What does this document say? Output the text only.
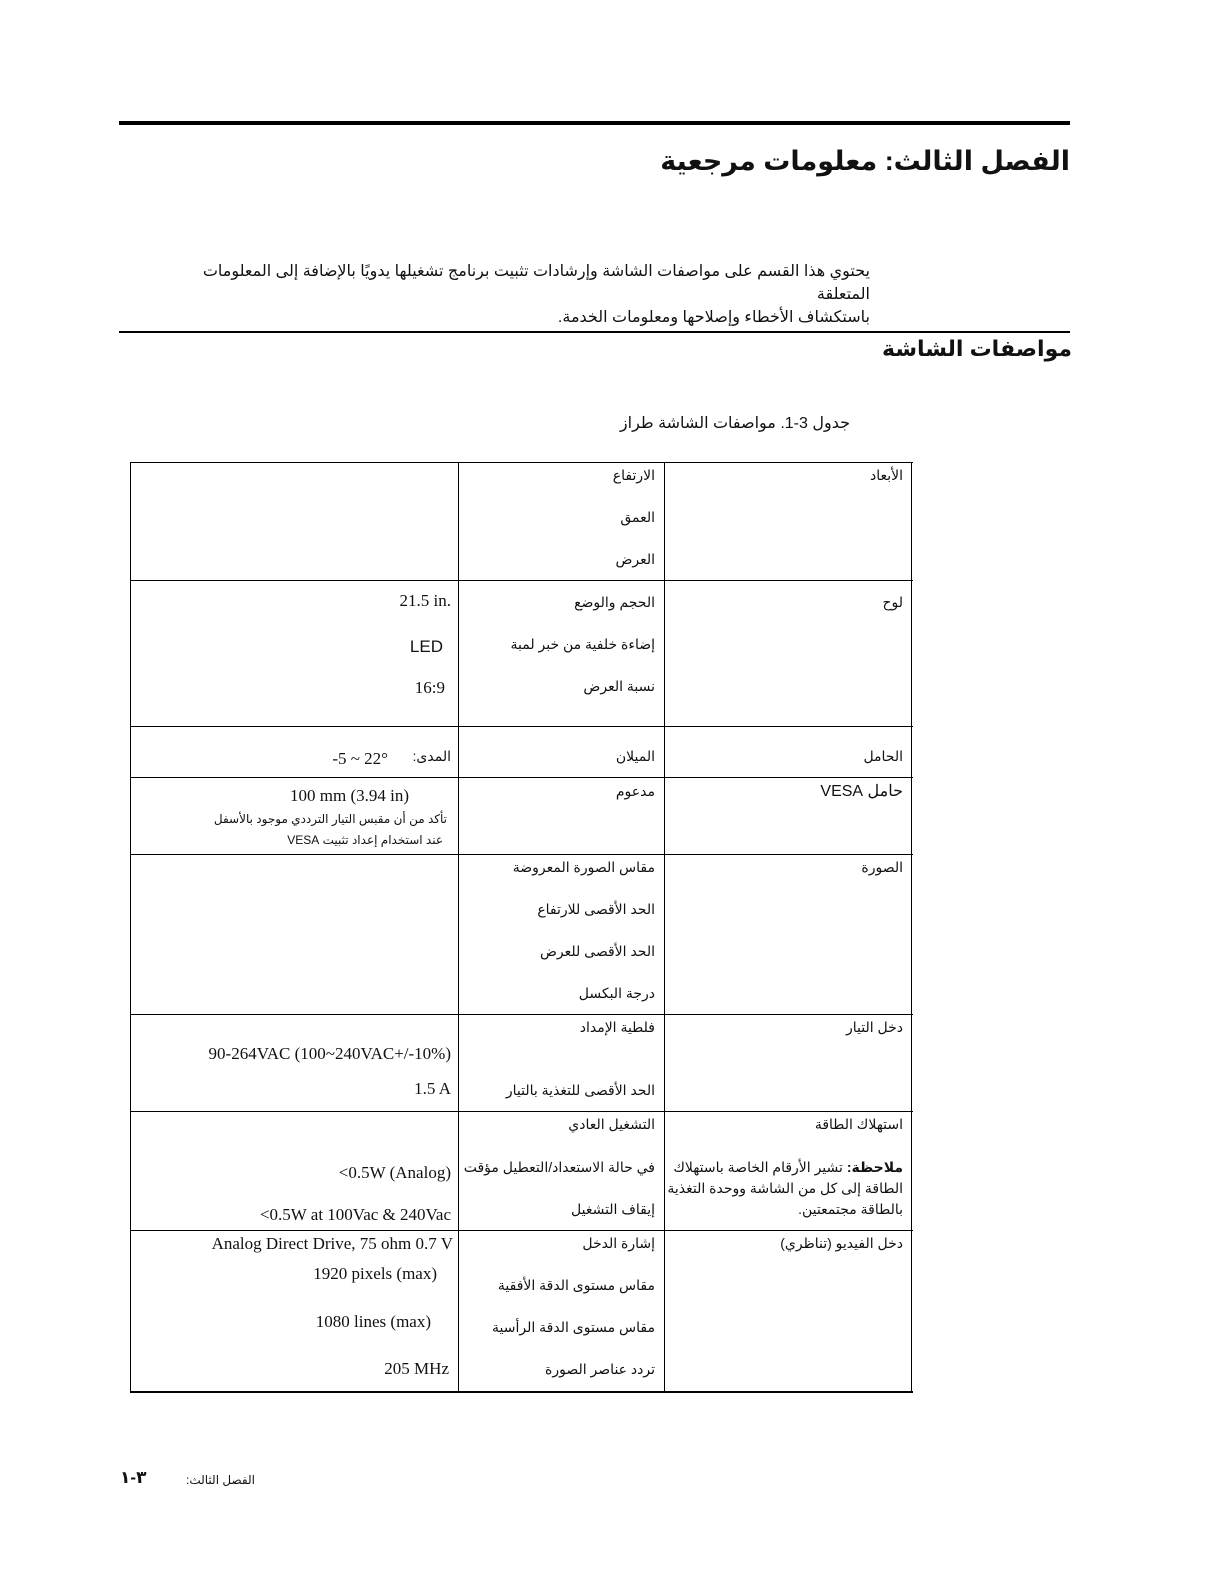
الفصل الثالث: معلومات مرجعية
يحتوي هذا القسم على مواصفات الشاشة وإرشادات تثبيت برنامج تشغيلها يدويًا بالإضافة إلى المعلومات المتعلقة
باستكشاف الأخطاء وإصلاحها ومعلومات الخدمة.
مواصفات الشاشة
جدول 3-1. مواصفات الشاشة طراز
الأبعاد
الارتفاع
العمق
العرض
لوح
الحجم والوضع
إضاءة خلفية من خبر لمبة
نسبة العرض
21.5 in.
LED
16:9
الحامل
الميلان
المدى:
-5 ~ 22°
حامل VESA
مدعوم
100 mm (3.94 in)
تأكد من أن مقبس التيار الترددي موجود بالأسفل
عند استخدام إعداد تثبيت VESA
الصورة
مقاس الصورة المعروضة
الحد الأقصى للارتفاع
الحد الأقصى للعرض
درجة البكسل
دخل التيار
فلطية الإمداد
الحد الأقصى للتغذية بالتيار
90-264VAC (100~240VAC+/-10%)
1.5 A
استهلاك الطاقة
التشغيل العادي
في حالة الاستعداد/التعطيل مؤقت
إيقاف التشغيل
ملاحظة: تشير الأرقام الخاصة باستهلاك
الطاقة إلى كل من الشاشة ووحدة التغذية
بالطاقة مجتمعتين.
<0.5W (Analog)
<0.5W at 100Vac & 240Vac
دخل الفيديو (تناظري)
إشارة الدخل
مقاس مستوى الدقة الأفقية
مقاس مستوى الدقة الرأسية
تردد عناصر الصورة
Analog Direct Drive, 75 ohm 0.7 V
1920 pixels (max)
1080 lines (max)
205 MHz
٣-١	الفصل الثالث:
